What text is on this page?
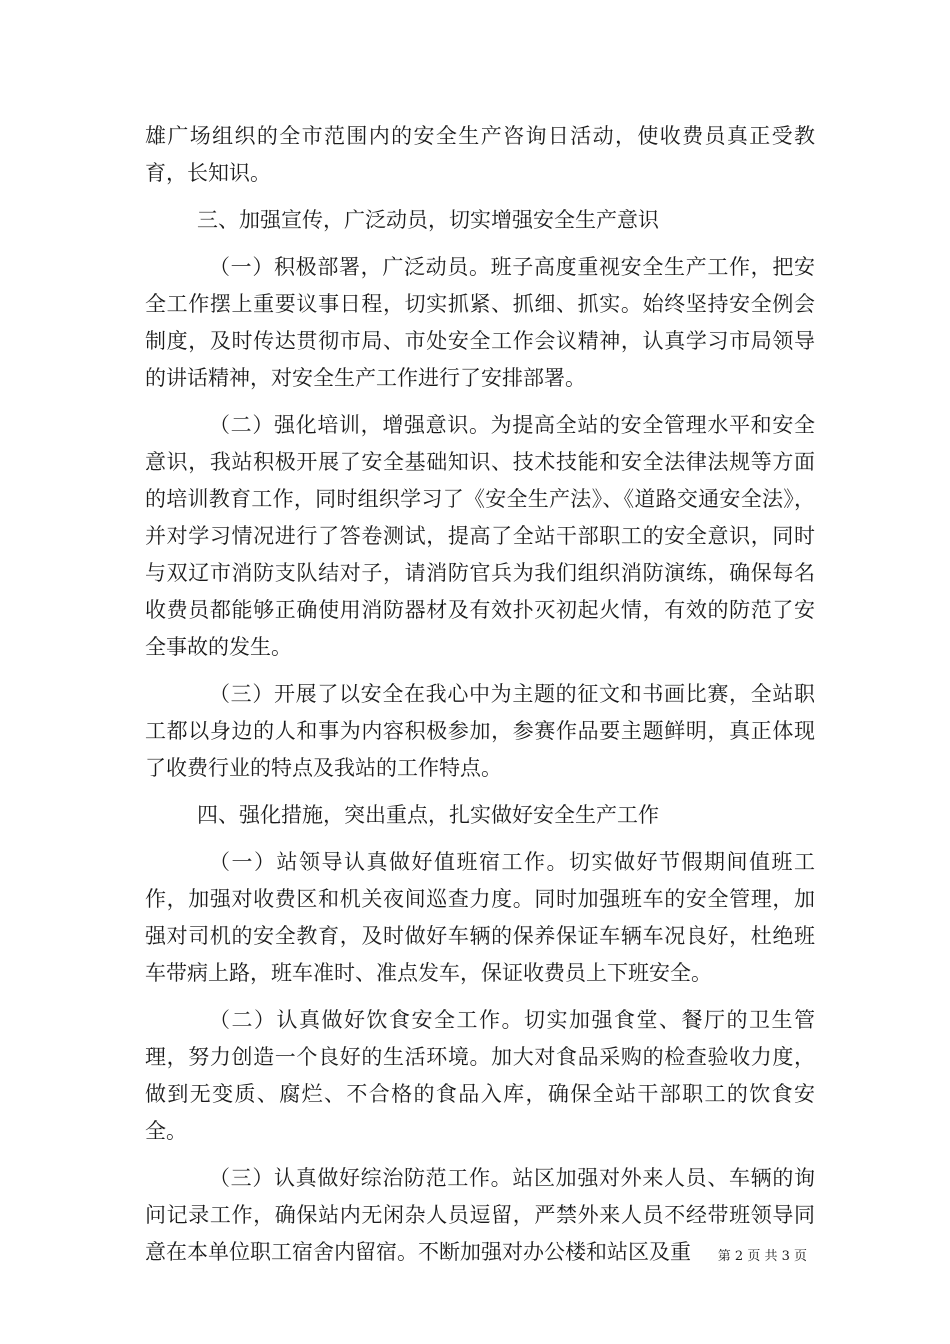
雄广场组织的全市范围内的安全生产咨询日活动，使收费员真正受教育，长知识。

三、加强宣传，广泛动员，切实增强安全生产意识

（一）积极部署，广泛动员。班子高度重视安全生产工作，把安全工作摆上重要议事日程，切实抓紧、抓细、抓实。始终坚持安全例会制度，及时传达贯彻市局、市处安全工作会议精神，认真学习市局领导的讲话精神，对安全生产工作进行了安排部署。

（二）强化培训，增强意识。为提高全站的安全管理水平和安全意识，我站积极开展了安全基础知识、技术技能和安全法律法规等方面的培训教育工作，同时组织学习了《安全生产法》、《道路交通安全法》，并对学习情况进行了答卷测试，提高了全站干部职工的安全意识，同时与双辽市消防支队结对子，请消防官兵为我们组织消防演练，确保每名收费员都能够正确使用消防器材及有效扑灭初起火情，有效的防范了安全事故的发生。

（三）开展了以安全在我心中为主题的征文和书画比赛，全站职工都以身边的人和事为内容积极参加，参赛作品要主题鲜明，真正体现了收费行业的特点及我站的工作特点。

四、强化措施，突出重点，扎实做好安全生产工作

（一）站领导认真做好值班宿工作。切实做好节假期间值班工作，加强对收费区和机关夜间巡查力度。同时加强班车的安全管理，加强对司机的安全教育，及时做好车辆的保养保证车辆车况良好，杜绝班车带病上路，班车准时、准点发车，保证收费员上下班安全。

（二）认真做好饮食安全工作。切实加强食堂、餐厅的卫生管理，努力创造一个良好的生活环境。加大对食品采购的检查验收力度，做到无变质、腐烂、不合格的食品入库，确保全站干部职工的饮食安全。

（三）认真做好综治防范工作。站区加强对外来人员、车辆的询问记录工作，确保站内无闲杂人员逗留，严禁外来人员不经带班领导同意在本单位职工宿舍内留宿。不断加强对办公楼和站区及重	第 2 页 共 3 页
